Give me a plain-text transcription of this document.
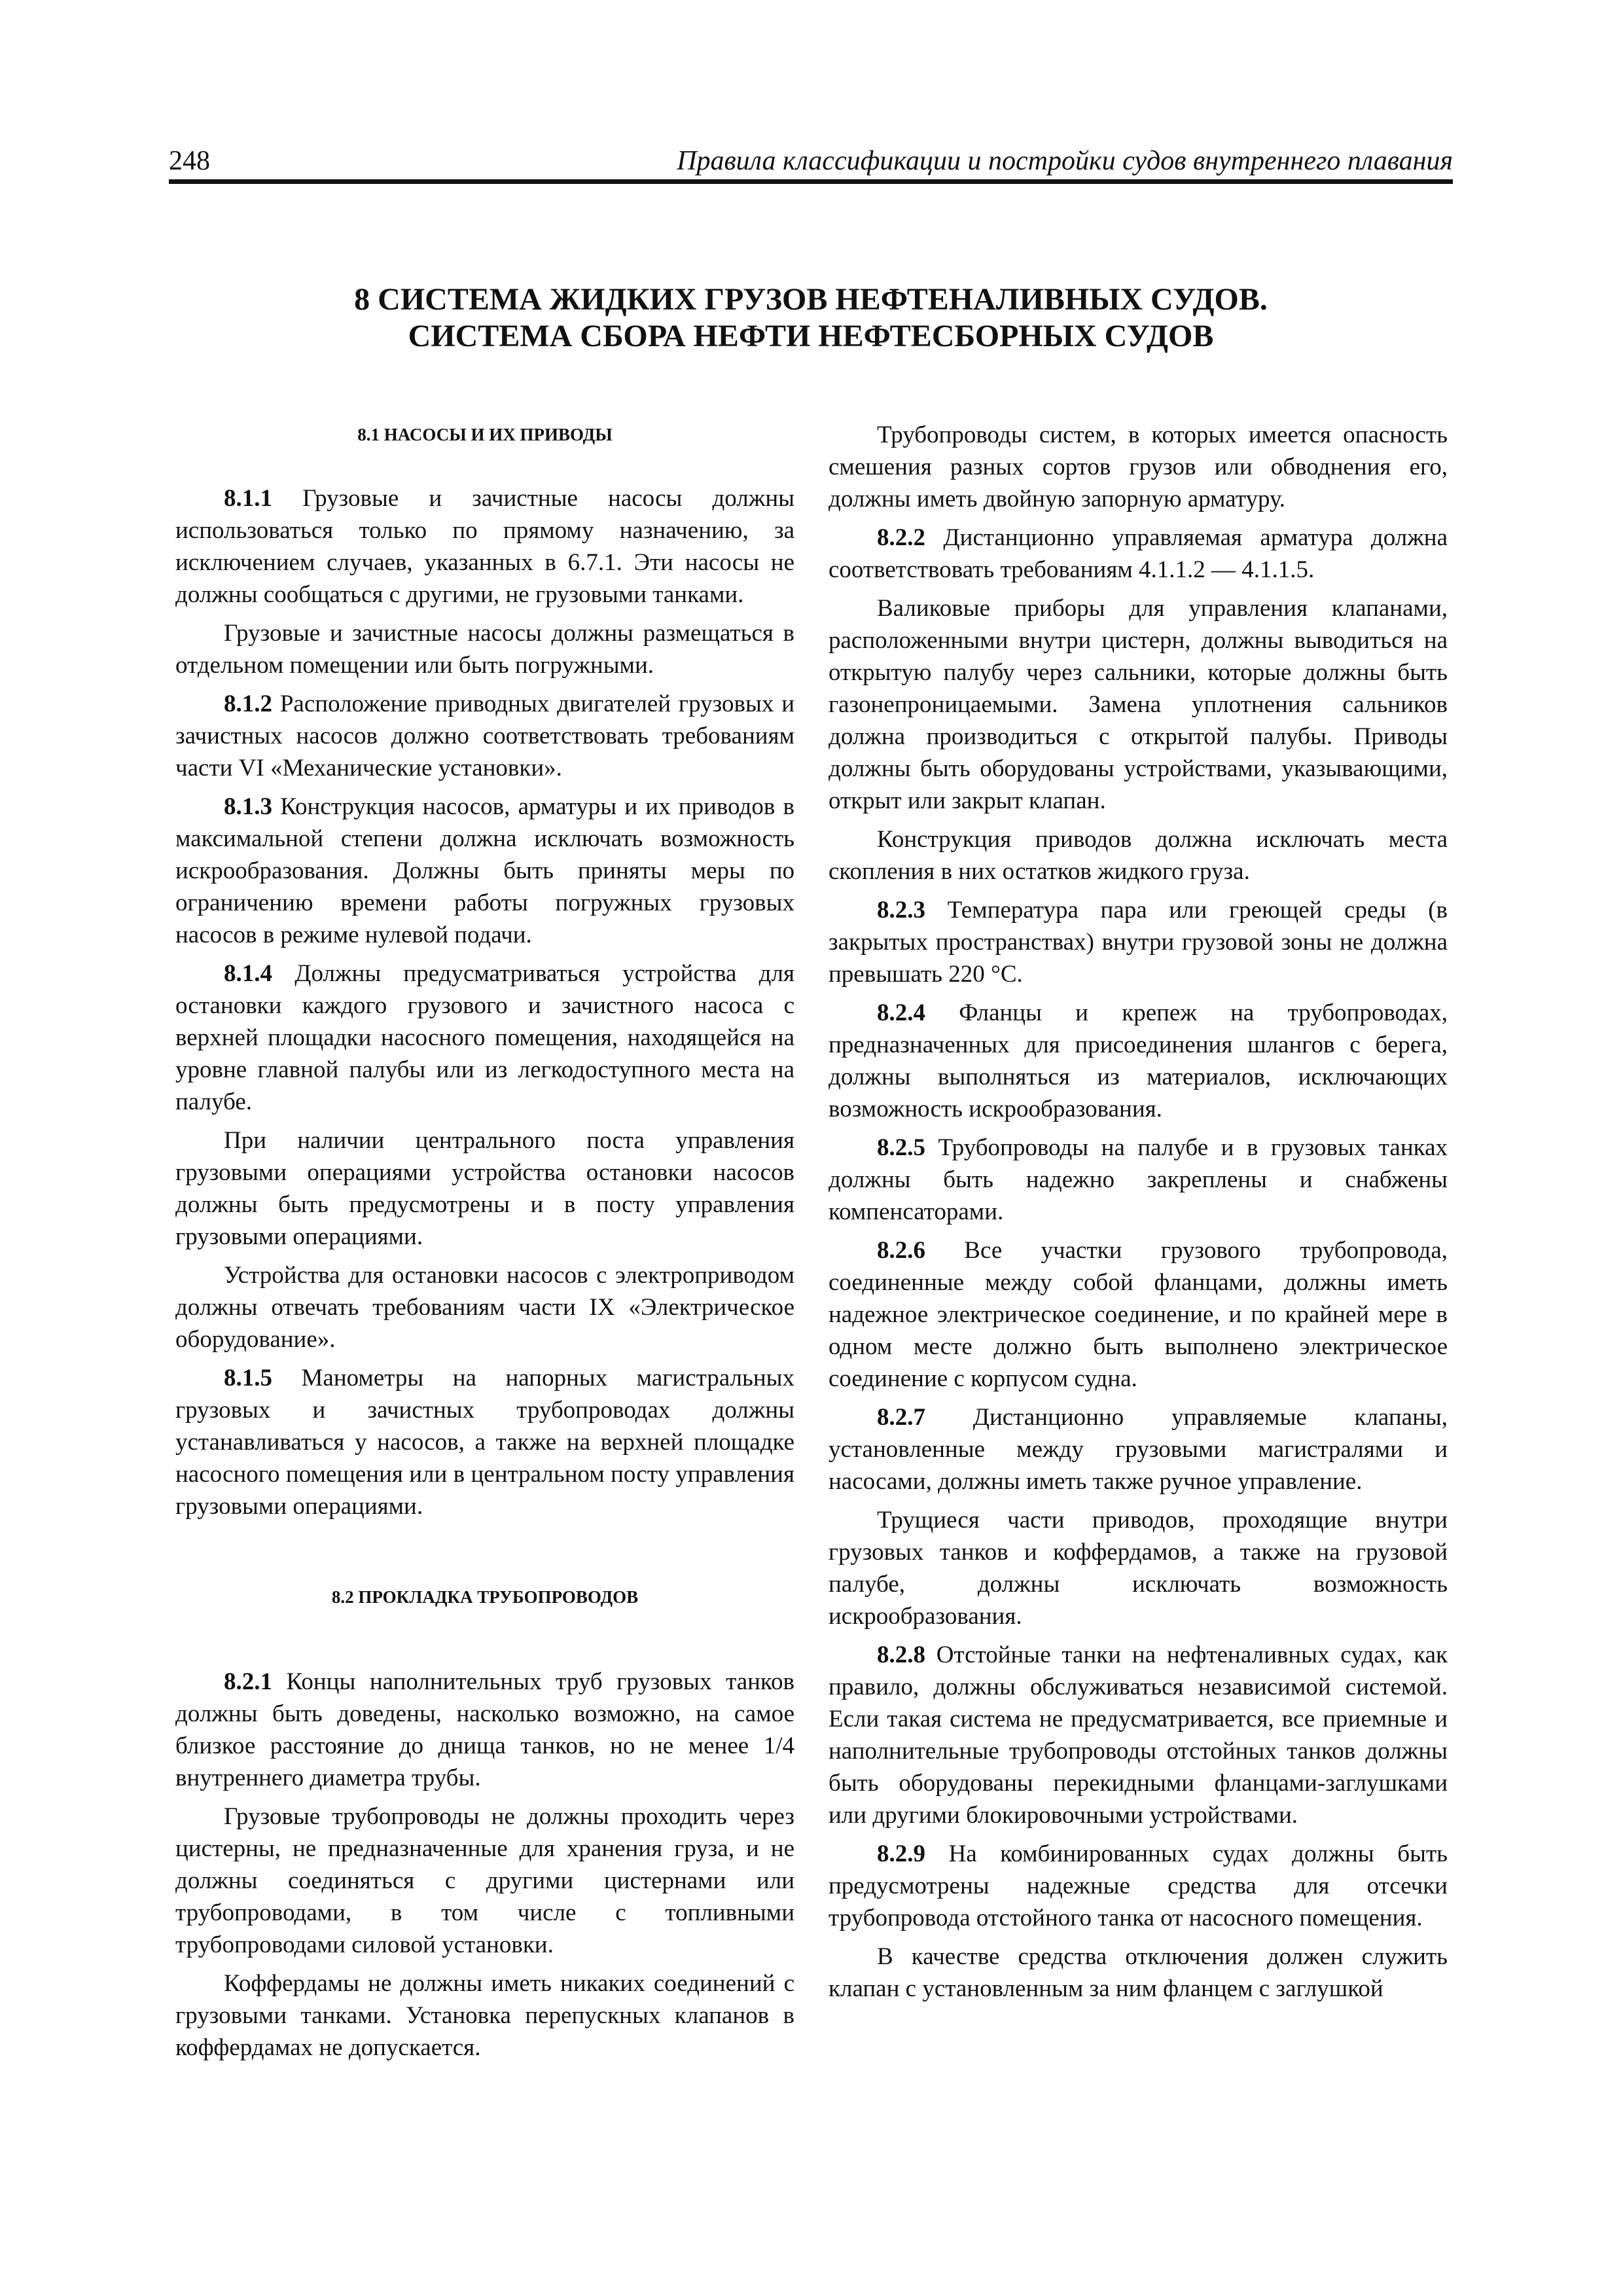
248	Правила классификации и постройки судов внутреннего плавания
8 СИСТЕМА ЖИДКИХ ГРУЗОВ НЕФТЕНАЛИВНЫХ СУДОВ.
СИСТЕМА СБОРА НЕФТИ НЕФТЕСБОРНЫХ СУДОВ
8.1 НАСОСЫ И ИХ ПРИВОДЫ

8.1.1 Грузовые и зачистные насосы должны использоваться только по прямому назначению, за исключением случаев, указанных в 6.7.1. Эти насосы не должны сообщаться с другими, не грузовыми танками.

Грузовые и зачистные насосы должны размещаться в отдельном помещении или быть погружными.

8.1.2 Расположение приводных двигателей грузовых и зачистных насосов должно соответствовать требованиям части VI «Механические установки».

8.1.3 Конструкция насосов, арматуры и их приводов в максимальной степени должна исключать возможность искрообразования. Должны быть приняты меры по ограничению времени работы погружных грузовых насосов в режиме нулевой подачи.

8.1.4 Должны предусматриваться устройства для остановки каждого грузового и зачистного насоса с верхней площадки насосного помещения, находящейся на уровне главной палубы или из легкодоступного места на палубе.

При наличии центрального поста управления грузовыми операциями устройства остановки насосов должны быть предусмотрены и в посту управления грузовыми операциями.

Устройства для остановки насосов с электроприводом должны отвечать требованиям части IX «Электрическое оборудование».

8.1.5 Манометры на напорных магистральных грузовых и зачистных трубопроводах должны устанавливаться у насосов, а также на верхней площадке насосного помещения или в центральном посту управления грузовыми операциями.

8.2 ПРОКЛАДКА ТРУБОПРОВОДОВ

8.2.1 Концы наполнительных труб грузовых танков должны быть доведены, насколько возможно, на самое близкое расстояние до днища танков, но не менее 1/4 внутреннего диаметра трубы.

Грузовые трубопроводы не должны проходить через цистерны, не предназначенные для хранения груза, и не должны соединяться с другими цистернами или трубопроводами, в том числе с топливными трубопроводами силовой установки.

Коффердамы не должны иметь никаких соединений с грузовыми танками. Установка перепускных клапанов в коффердамах не допускается.

Трубопроводы систем, в которых имеется опасность смешения разных сортов грузов или обводнения его, должны иметь двойную запорную арматуру.

8.2.2 Дистанционно управляемая арматура должна соответствовать требованиям 4.1.1.2 — 4.1.1.5.

Валиковые приборы для управления клапанами, расположенными внутри цистерн, должны выводиться на открытую палубу через сальники, которые должны быть газонепроницаемыми. Замена уплотнения сальников должна производиться с открытой палубы. Приводы должны быть оборудованы устройствами, указывающими, открыт или закрыт клапан.

Конструкция приводов должна исключать места скопления в них остатков жидкого груза.

8.2.3 Температура пара или греющей среды (в закрытых пространствах) внутри грузовой зоны не должна превышать 220 °С.

8.2.4 Фланцы и крепеж на трубопроводах, предназначенных для присоединения шлангов с берега, должны выполняться из материалов, исключающих возможность искрообразования.

8.2.5 Трубопроводы на палубе и в грузовых танках должны быть надежно закреплены и снабжены компенсаторами.

8.2.6 Все участки грузового трубопровода, соединенные между собой фланцами, должны иметь надежное электрическое соединение, и по крайней мере в одном месте должно быть выполнено электрическое соединение с корпусом судна.

8.2.7 Дистанционно управляемые клапаны, установленные между грузовыми магистралями и насосами, должны иметь также ручное управление.

Трущиеся части приводов, проходящие внутри грузовых танков и коффердамов, а также на грузовой палубе, должны исключать возможность искрообразования.

8.2.8 Отстойные танки на нефтеналивных судах, как правило, должны обслуживаться независимой системой. Если такая система не предусматривается, все приемные и наполнительные трубопроводы отстойных танков должны быть оборудованы перекидными фланцами-заглушками или другими блокировочными устройствами.

8.2.9 На комбинированных судах должны быть предусмотрены надежные средства для отсечки трубопровода отстойного танка от насосного помещения.

В качестве средства отключения должен служить клапан с установленным за ним фланцем с заглушкой
